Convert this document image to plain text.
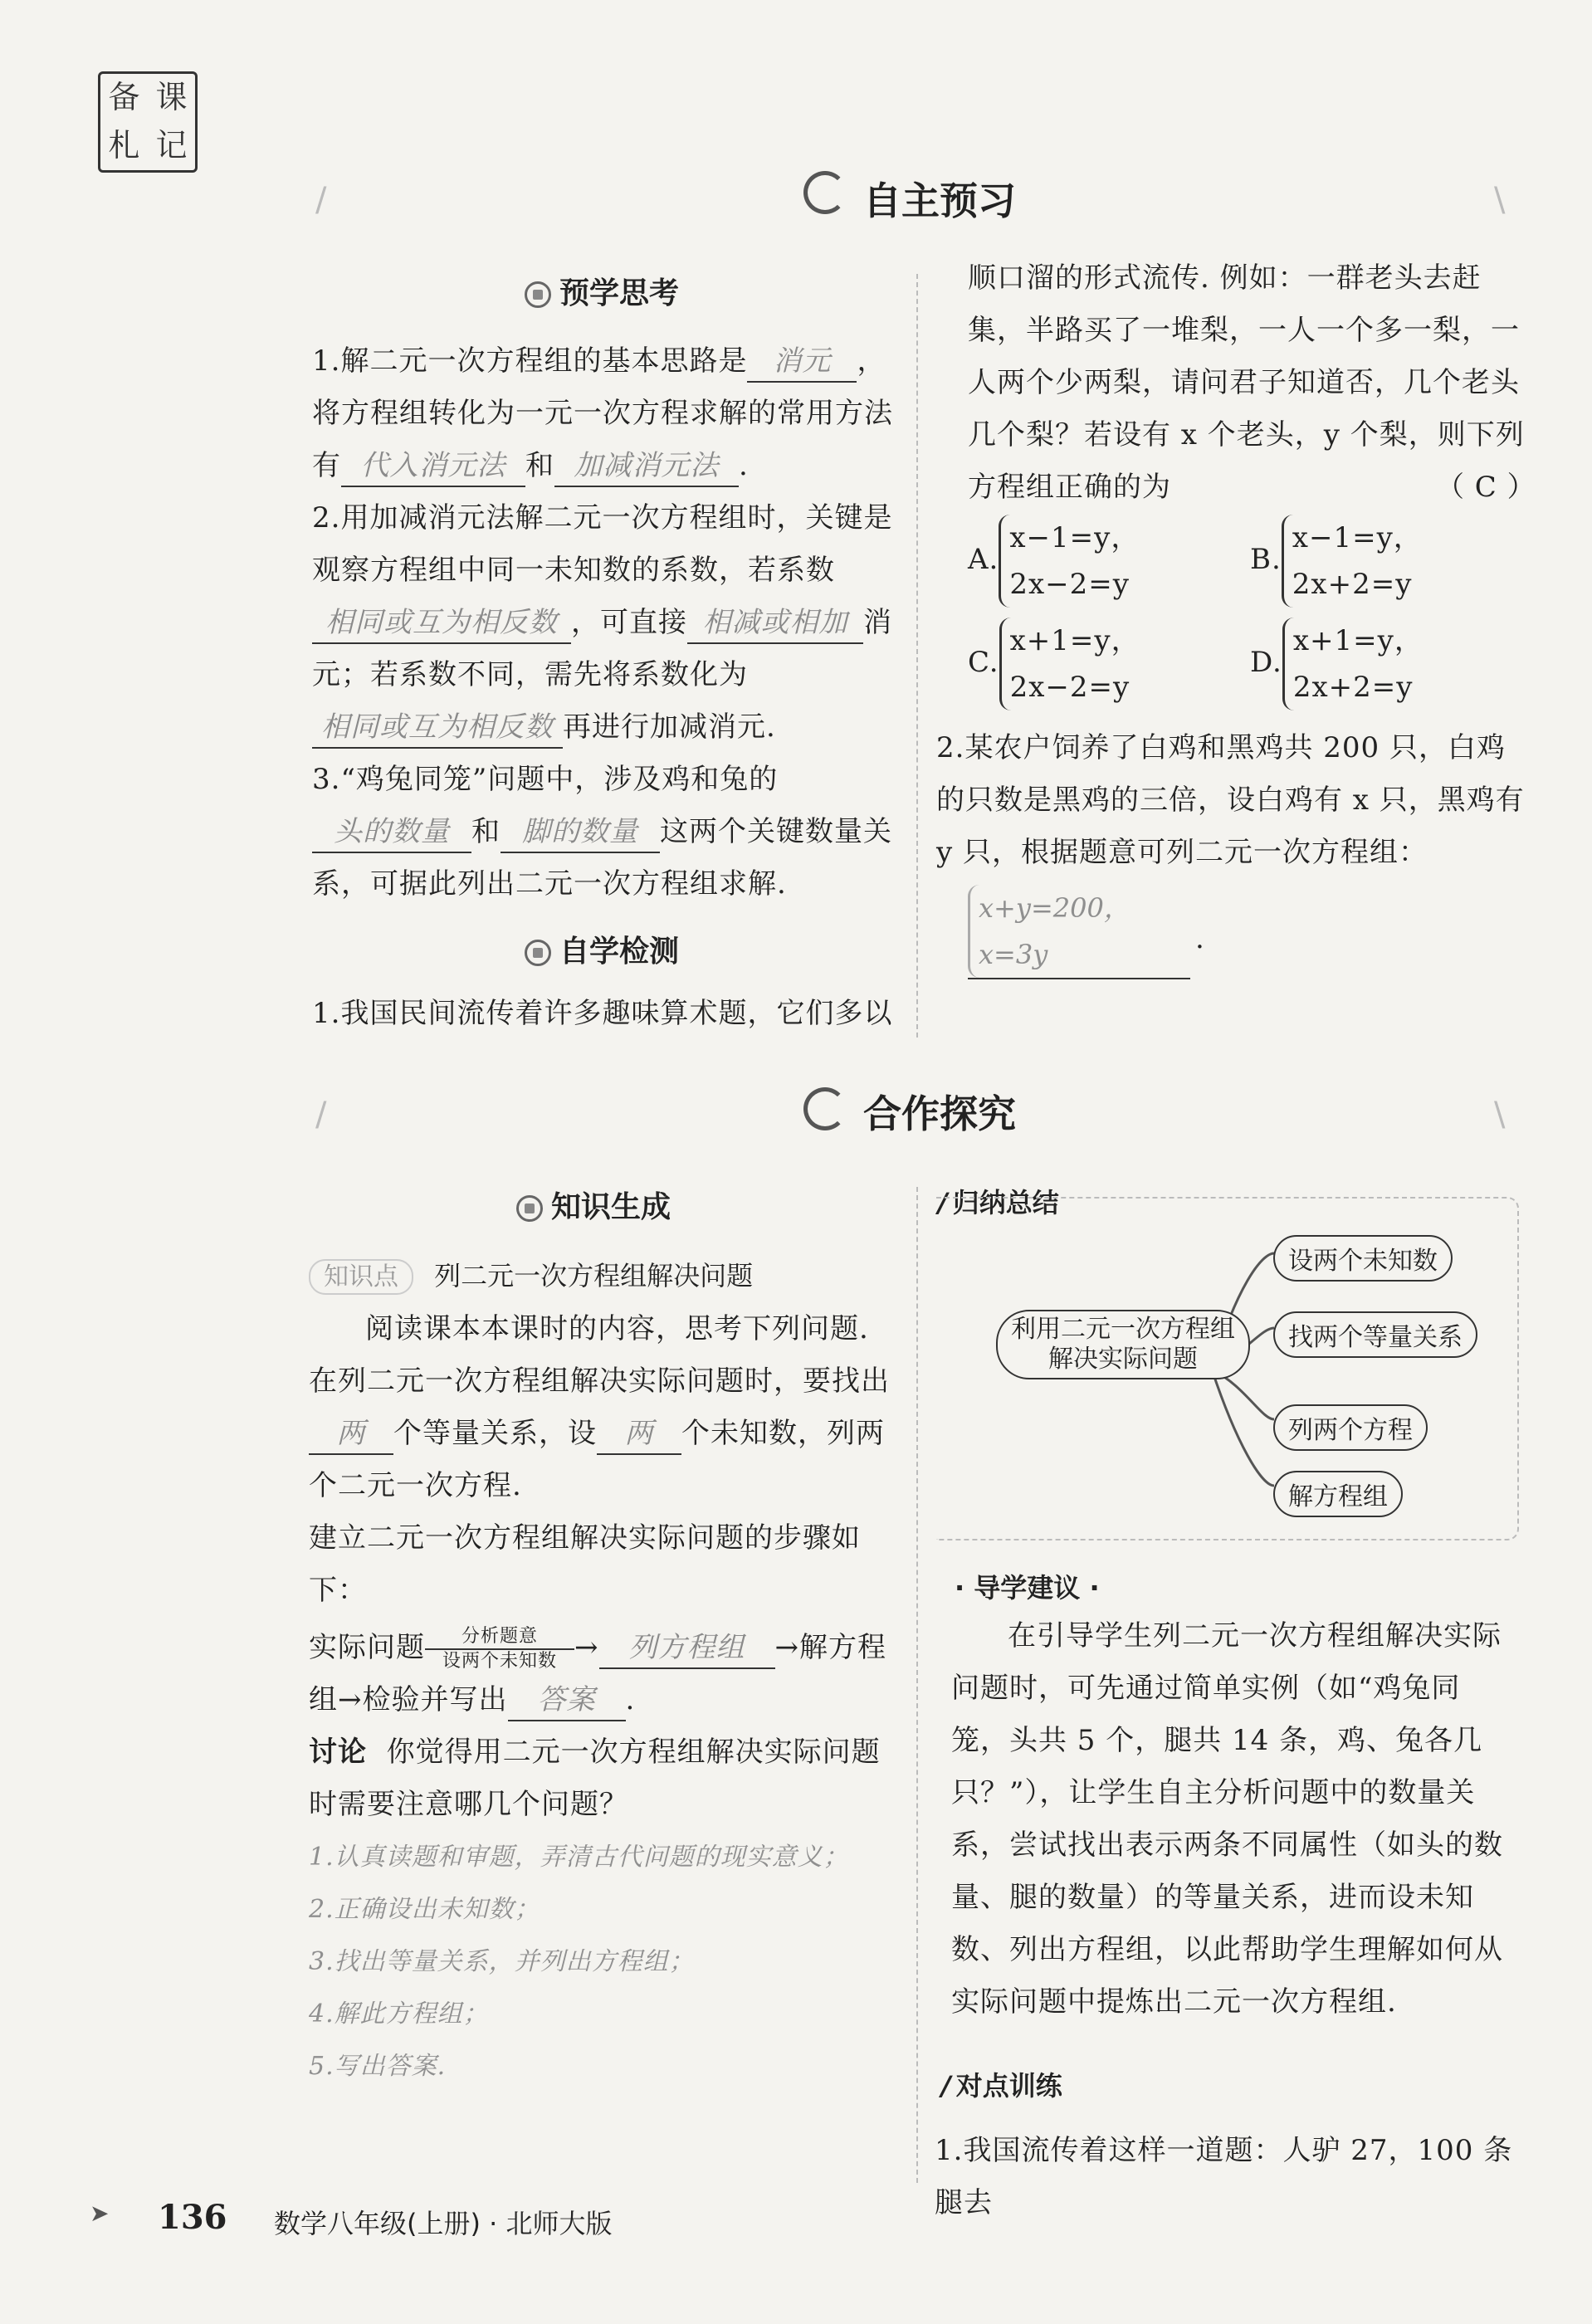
备 课
札 记
/	\
自主预习
预学思考
1.解二元一次方程组的基本思路是 消元 ，将方程组转化为一元一次方程求解的常用方法有 代入消元法 和 加减消元法 .
2.用加减消元法解二元一次方程组时，关键是观察方程组中同一未知数的系数，若系数相同或互为相反数 ，可直接 相减或相加 消元；若系数不同，需先将系数化为相同或互为相反数 再进行加减消元.
3.“鸡兔同笼”问题中，涉及鸡和兔的头的数量 和 脚的数量 这两个关键数量关系，可据此列出二元一次方程组求解.
自学检测
1.我国民间流传着许多趣味算术题，它们多以
顺口溜的形式流传. 例如：一群老头去赶集，半路买了一堆梨，一人一个多一梨，一人两个少两梨，请问君子知道否，几个老头几个梨？若设有 x 个老头，y 个梨，则下列方程组正确的为	（ C ）
A.x−1=y，
2x−2=y
B.x−1=y，
2x+2=y
C.x+1=y，
2x−2=y
D.x+1=y，
2x+2=y
2.某农户饲养了白鸡和黑鸡共 200 只，白鸡的只数是黑鸡的三倍，设白鸡有 x 只，黑鸡有 y 只，根据题意可列二元一次方程组：
x+y=200，
x=3y	.
/	\
合作探究
知识生成
知识点 列二元一次方程组解决问题
阅读课本本课时的内容，思考下列问题.
在列二元一次方程组解决实际问题时，要找出两 个等量关系，设 两 个未知数，列两个二元一次方程.
建立二元一次方程组解决实际问题的步骤如下：
实际问题 分析题意

设两个未知数 → 列方程组 →解方程组→检验并写出 答案 .
讨论 你觉得用二元一次方程组解决实际问题时需要注意哪几个问题？
1.认真读题和审题，弄清古代问题的现实意义；
2.正确设出未知数；
3.找出等量关系，并列出方程组；
4.解此方程组；
5.写出答案.
∕ 归纳总结
利用二元一次方程组
解决实际问题
设两个未知数
找两个等量关系
列两个方程
解方程组
· 导学建议 ·
在引导学生列二元一次方程组解决实际问题时，可先通过简单实例（如“鸡兔同笼，头共 5 个，腿共 14 条，鸡、兔各几只？”），让学生自主分析问题中的数量关系，尝试找出表示两条不同属性（如头的数量、腿的数量）的等量关系，进而设未知数、列出方程组，以此帮助学生理解如何从实际问题中提炼出二元一次方程组.
∕ 对点训练
1.我国流传着这样一道题：人驴 27，100 条腿去
➤ 136 数学八年级(上册) · 北师大版
